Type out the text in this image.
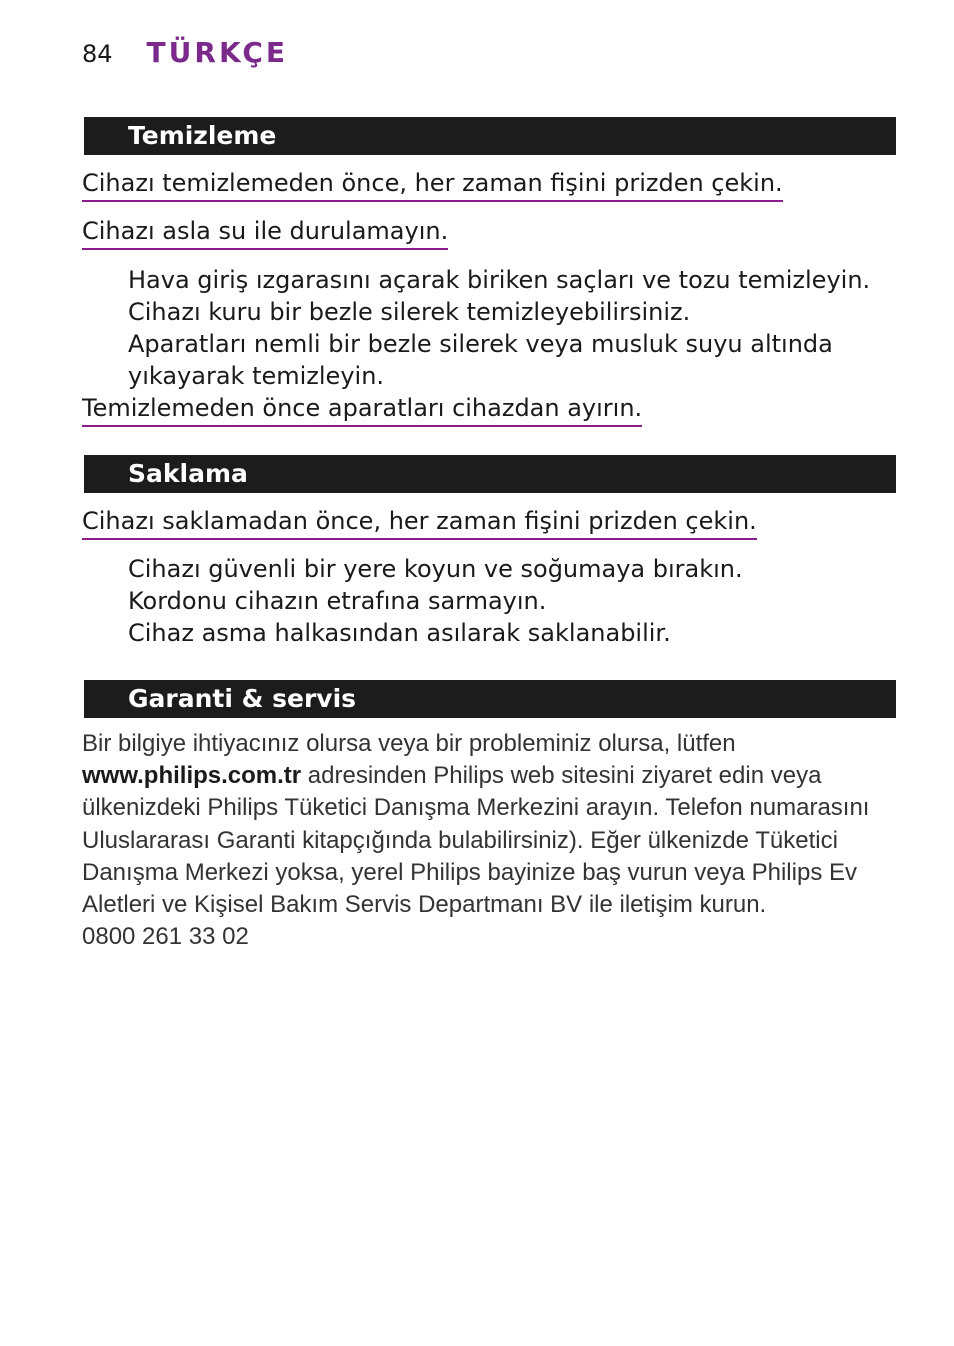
84 TÜRKÇE
Temizleme
Cihazı temizlemeden önce, her zaman fişini prizden çekin.
Cihazı asla su ile durulamayın.
Hava giriş ızgarasını açarak biriken saçları ve tozu temizleyin.
Cihazı kuru bir bezle silerek temizleyebilirsiniz.
Aparatları nemli bir bezle silerek veya musluk suyu altında
yıkayarak temizleyin.
Temizlemeden önce aparatları cihazdan ayırın.
Saklama
Cihazı saklamadan önce, her zaman fişini prizden çekin.
Cihazı güvenli bir yere koyun ve soğumaya bırakın.
Kordonu cihazın etrafına sarmayın.
Cihaz asma halkasından asılarak saklanabilir.
Garanti & servis
Bir bilgiye ihtiyacınız olursa veya bir probleminiz olursa, lütfen
www.philips.com.tr adresinden Philips web sitesini ziyaret edin veya
ülkenizdeki Philips Tüketici Danışma Merkezini arayın. Telefon numarasını
Uluslararası Garanti kitapçığında bulabilirsiniz). Eğer ülkenizde Tüketici
Danışma Merkezi yoksa, yerel Philips bayinize baş vurun veya Philips Ev
Aletleri ve Kişisel Bakım Servis Departmanı BV ile iletişim kurun.
0800 261 33 02
